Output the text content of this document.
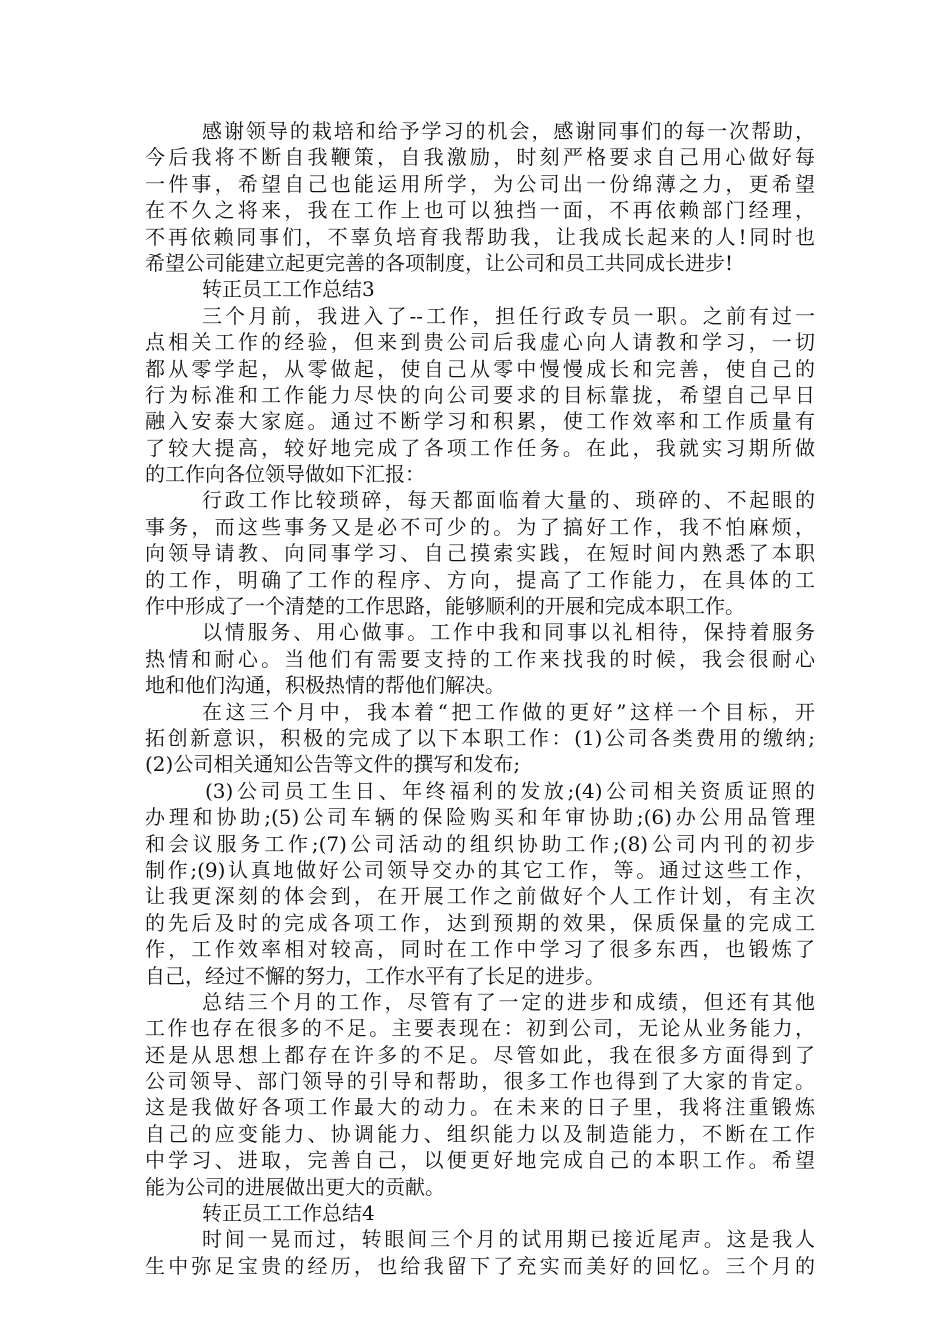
感谢领导的栽培和给予学习的机会，感谢同事们的每一次帮助，
今后我将不断自我鞭策，自我激励，时刻严格要求自己用心做好每
一件事，希望自己也能运用所学，为公司出一份绵薄之力，更希望
在不久之将来，我在工作上也可以独挡一面，不再依赖部门经理，
不再依赖同事们，不辜负培育我帮助我，让我成长起来的人!同时也
希望公司能建立起更完善的各项制度，让公司和员工共同成长进步!
转正员工工作总结3
三个月前，我进入了--工作，担任行政专员一职。之前有过一
点相关工作的经验，但来到贵公司后我虚心向人请教和学习，一切
都从零学起，从零做起，使自己从零中慢慢成长和完善，使自己的
行为标准和工作能力尽快的向公司要求的目标靠拢，希望自己早日
融入安泰大家庭。通过不断学习和积累，使工作效率和工作质量有
了较大提高，较好地完成了各项工作任务。在此，我就实习期所做
的工作向各位领导做如下汇报：
行政工作比较琐碎，每天都面临着大量的、琐碎的、不起眼的
事务，而这些事务又是必不可少的。为了搞好工作，我不怕麻烦，
向领导请教、向同事学习、自己摸索实践，在短时间内熟悉了本职
的工作，明确了工作的程序、方向，提高了工作能力，在具体的工
作中形成了一个清楚的工作思路，能够顺利的开展和完成本职工作。
以情服务、用心做事。工作中我和同事以礼相待，保持着服务
热情和耐心。当他们有需要支持的工作来找我的时候，我会很耐心
地和他们沟通，积极热情的帮他们解决。
在这三个月中，我本着“把工作做的更好”这样一个目标，开
拓创新意识，积极的完成了以下本职工作：(1)公司各类费用的缴纳;
(2)公司相关通知公告等文件的撰写和发布;
(3)公司员工生日、年终福利的发放;(4)公司相关资质证照的
办理和协助;(5)公司车辆的保险购买和年审协助;(6)办公用品管理
和会议服务工作;(7)公司活动的组织协助工作;(8)公司内刊的初步
制作;(9)认真地做好公司领导交办的其它工作，等。通过这些工作，
让我更深刻的体会到，在开展工作之前做好个人工作计划，有主次
的先后及时的完成各项工作，达到预期的效果，保质保量的完成工
作，工作效率相对较高，同时在工作中学习了很多东西，也锻炼了
自己，经过不懈的努力，工作水平有了长足的进步。
总结三个月的工作，尽管有了一定的进步和成绩，但还有其他
工作也存在很多的不足。主要表现在：初到公司，无论从业务能力，
还是从思想上都存在许多的不足。尽管如此，我在很多方面得到了
公司领导、部门领导的引导和帮助，很多工作也得到了大家的肯定。
这是我做好各项工作最大的动力。在未来的日子里，我将注重锻炼
自己的应变能力、协调能力、组织能力以及制造能力，不断在工作
中学习、进取，完善自己，以便更好地完成自己的本职工作。希望
能为公司的进展做出更大的贡献。
转正员工工作总结4
时间一晃而过，转眼间三个月的试用期已接近尾声。这是我人
生中弥足宝贵的经历，也给我留下了充实而美好的回忆。三个月的
